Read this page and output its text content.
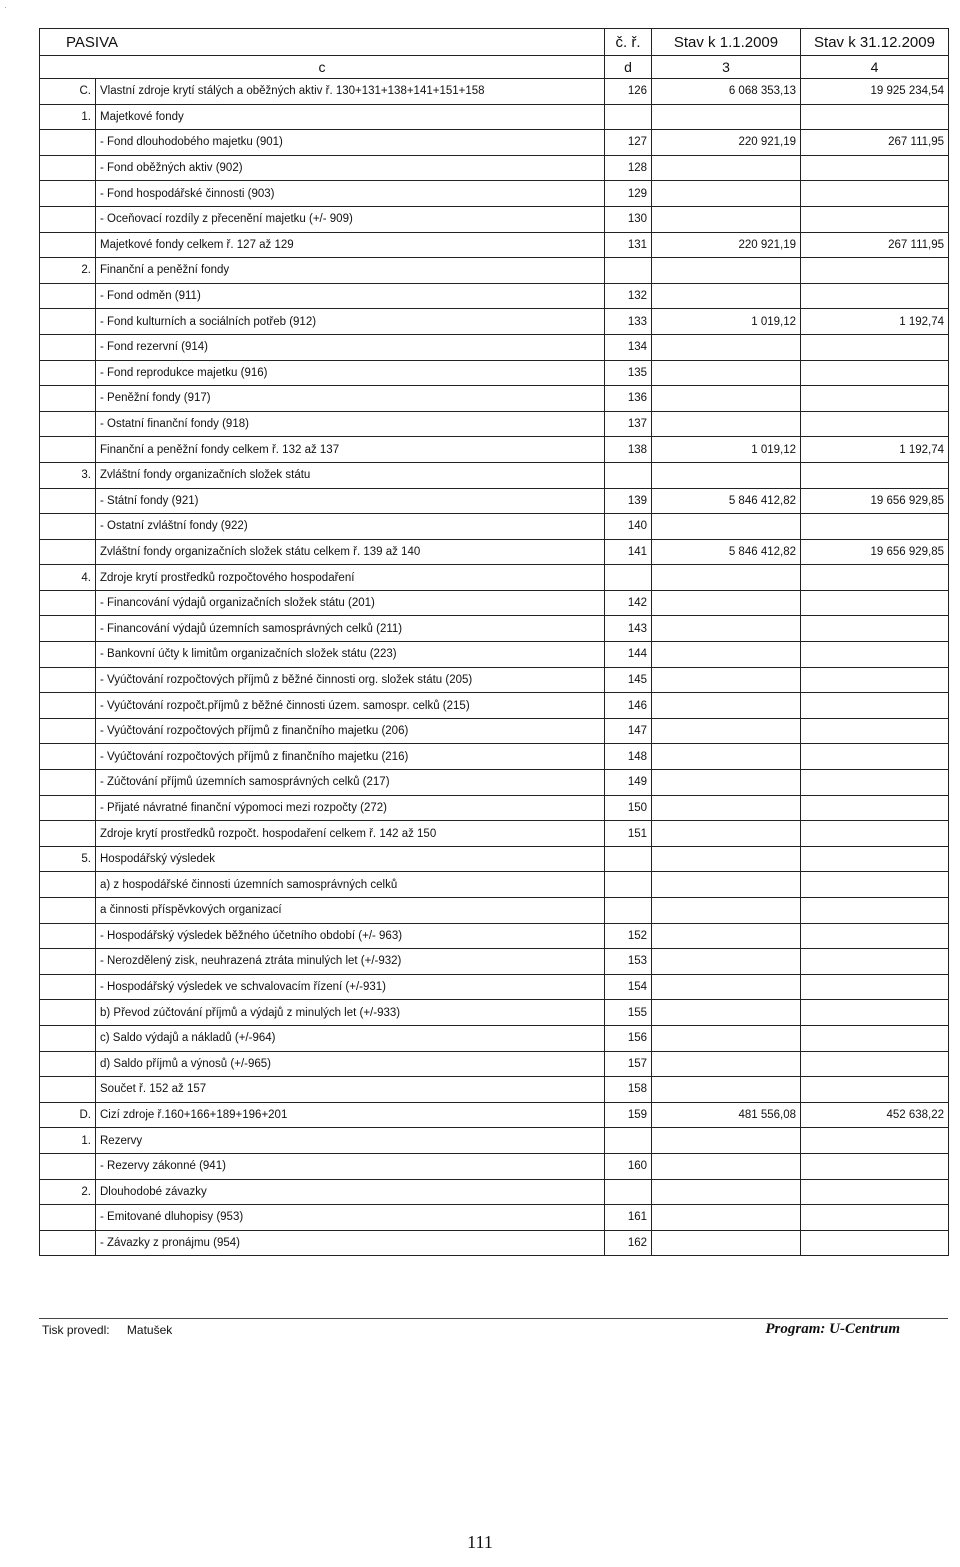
·
PASIVA		č. ř.	Stav k 1.1.2009	Stav k 31.12.2009
c		d	3	4
C.	Vlastní zdroje krytí stálých a oběžných aktiv ř. 130+131+138+141+151+158	126	6 068 353,13	19 925 234,54
1.	Majetkové fondy			
	- Fond dlouhodobého majetku (901)	127	220 921,19	267 111,95
	- Fond oběžných aktiv (902)	128		
	- Fond hospodářské činnosti (903)	129		
	- Oceňovací rozdíly z přecenění majetku (+/- 909)	130		
	Majetkové fondy celkem ř. 127 až 129	131	220 921,19	267 111,95
2.	Finanční a peněžní fondy			
	- Fond odměn (911)	132		
	- Fond kulturních a sociálních potřeb (912)	133	1 019,12	1 192,74
	- Fond rezervní (914)	134		
	- Fond reprodukce majetku (916)	135		
	- Peněžní fondy (917)	136		
	- Ostatní finanční fondy (918)	137		
	Finanční a peněžní fondy celkem ř. 132 až 137	138	1 019,12	1 192,74
3.	Zvláštní fondy organizačních složek státu			
	- Státní fondy (921)	139	5 846 412,82	19 656 929,85
	- Ostatní zvláštní fondy (922)	140		
	Zvláštní fondy organizačních složek státu celkem ř. 139 až 140	141	5 846 412,82	19 656 929,85
4.	Zdroje krytí prostředků rozpočtového hospodaření			
	- Financování výdajů organizačních složek státu (201)	142		
	- Financování výdajů územních samosprávných celků (211)	143		
	- Bankovní účty k limitům organizačních složek státu (223)	144		
	- Vyúčtování rozpočtových příjmů z běžné činnosti org. složek státu (205)	145		
	- Vyúčtování rozpočt.příjmů z běžné činnosti územ. samospr. celků (215)	146		
	- Vyúčtování rozpočtových příjmů z finančního majetku (206)	147		
	- Vyúčtování rozpočtových příjmů z finančního majetku (216)	148		
	- Zúčtování příjmů územních samosprávných celků (217)	149		
	- Přijaté návratné finanční výpomoci mezi rozpočty (272)	150		
	Zdroje krytí prostředků rozpočt. hospodaření celkem ř. 142 až 150	151		
5.	Hospodářský výsledek			
	a) z hospodářské činnosti územních samosprávných celků			
	a činnosti příspěvkových organizací			
	- Hospodářský výsledek běžného účetního období (+/- 963)	152		
	- Nerozdělený zisk, neuhrazená ztráta minulých let (+/-932)	153		
	- Hospodářský výsledek ve schvalovacím řízení (+/-931)	154		
	b) Převod zúčtování příjmů a výdajů z minulých let (+/-933)	155		
	c) Saldo výdajů a nákladů (+/-964)	156		
	d) Saldo příjmů a výnosů (+/-965)	157		
	Součet ř. 152 až 157	158		
D.	Cizí zdroje ř.160+166+189+196+201	159	481 556,08	452 638,22
1.	Rezervy			
	- Rezervy zákonné (941)	160		
2.	Dlouhodobé závazky			
	- Emitované dluhopisy (953)	161		
	- Závazky z pronájmu (954)	162		
Tisk provedl: Matušek	Program: U-Centrum
111
